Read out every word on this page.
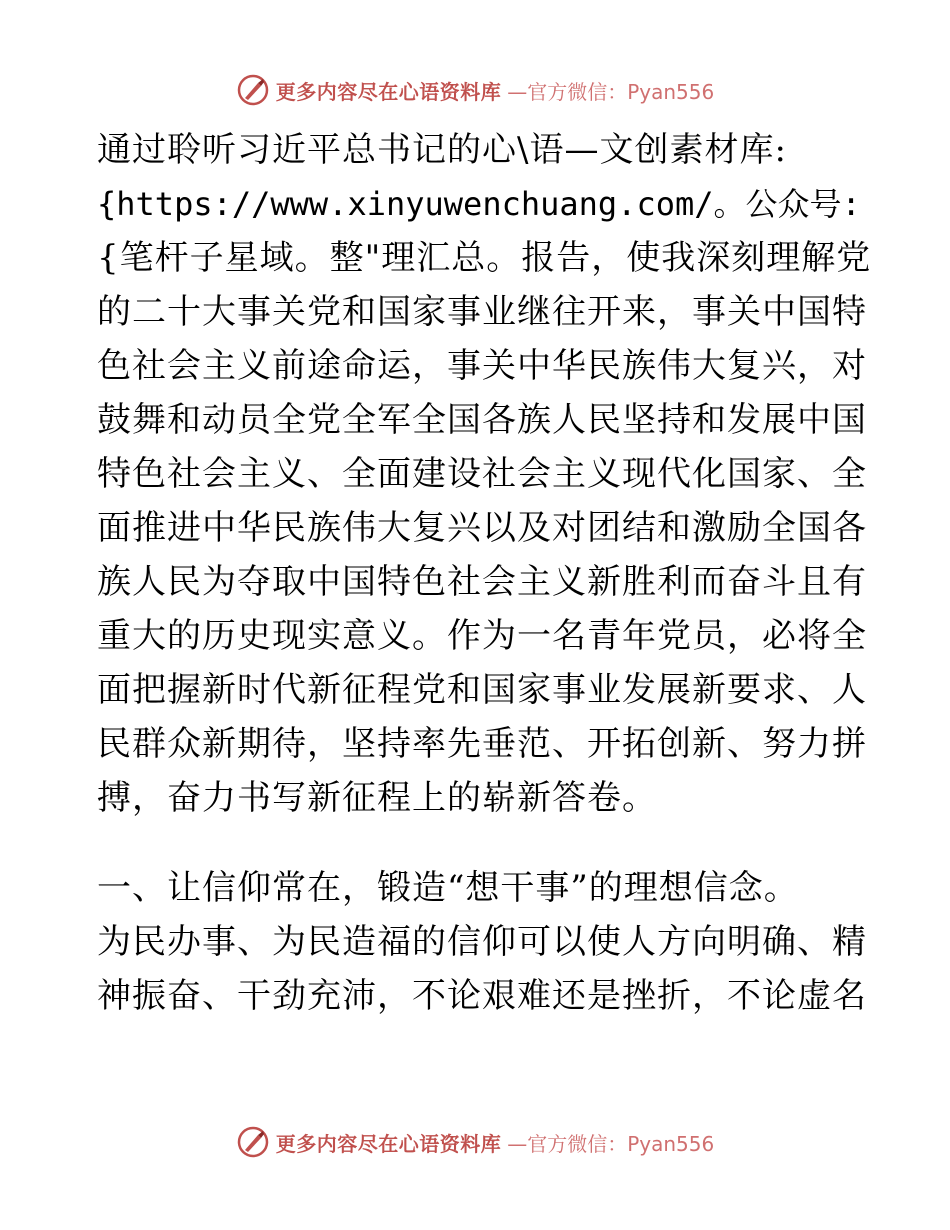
更多内容尽在心语资料库 —官方微信：Pyan556
通过聆听习近平总书记的心\语—文创素材库:
{https://www.xinyuwenchuang.com/。公众号:
{笔杆子星域。整"理汇总。报告，使我深刻理解党
的二十大事关党和国家事业继往开来，事关中国特
色社会主义前途命运，事关中华民族伟大复兴，对
鼓舞和动员全党全军全国各族人民坚持和发展中国
特色社会主义、全面建设社会主义现代化国家、全
面推进中华民族伟大复兴以及对团结和激励全国各
族人民为夺取中国特色社会主义新胜利而奋斗且有
重大的历史现实意义。作为一名青年党员，必将全
面把握新时代新征程党和国家事业发展新要求、人
民群众新期待，坚持率先垂范、开拓创新、努力拼
搏，奋力书写新征程上的崭新答卷。
一、让信仰常在，锻造“想干事”的理想信念。
为民办事、为民造福的信仰可以使人方向明确、精
神振奋、干劲充沛，不论艰难还是挫折，不论虚名
更多内容尽在心语资料库 —官方微信：Pyan556
